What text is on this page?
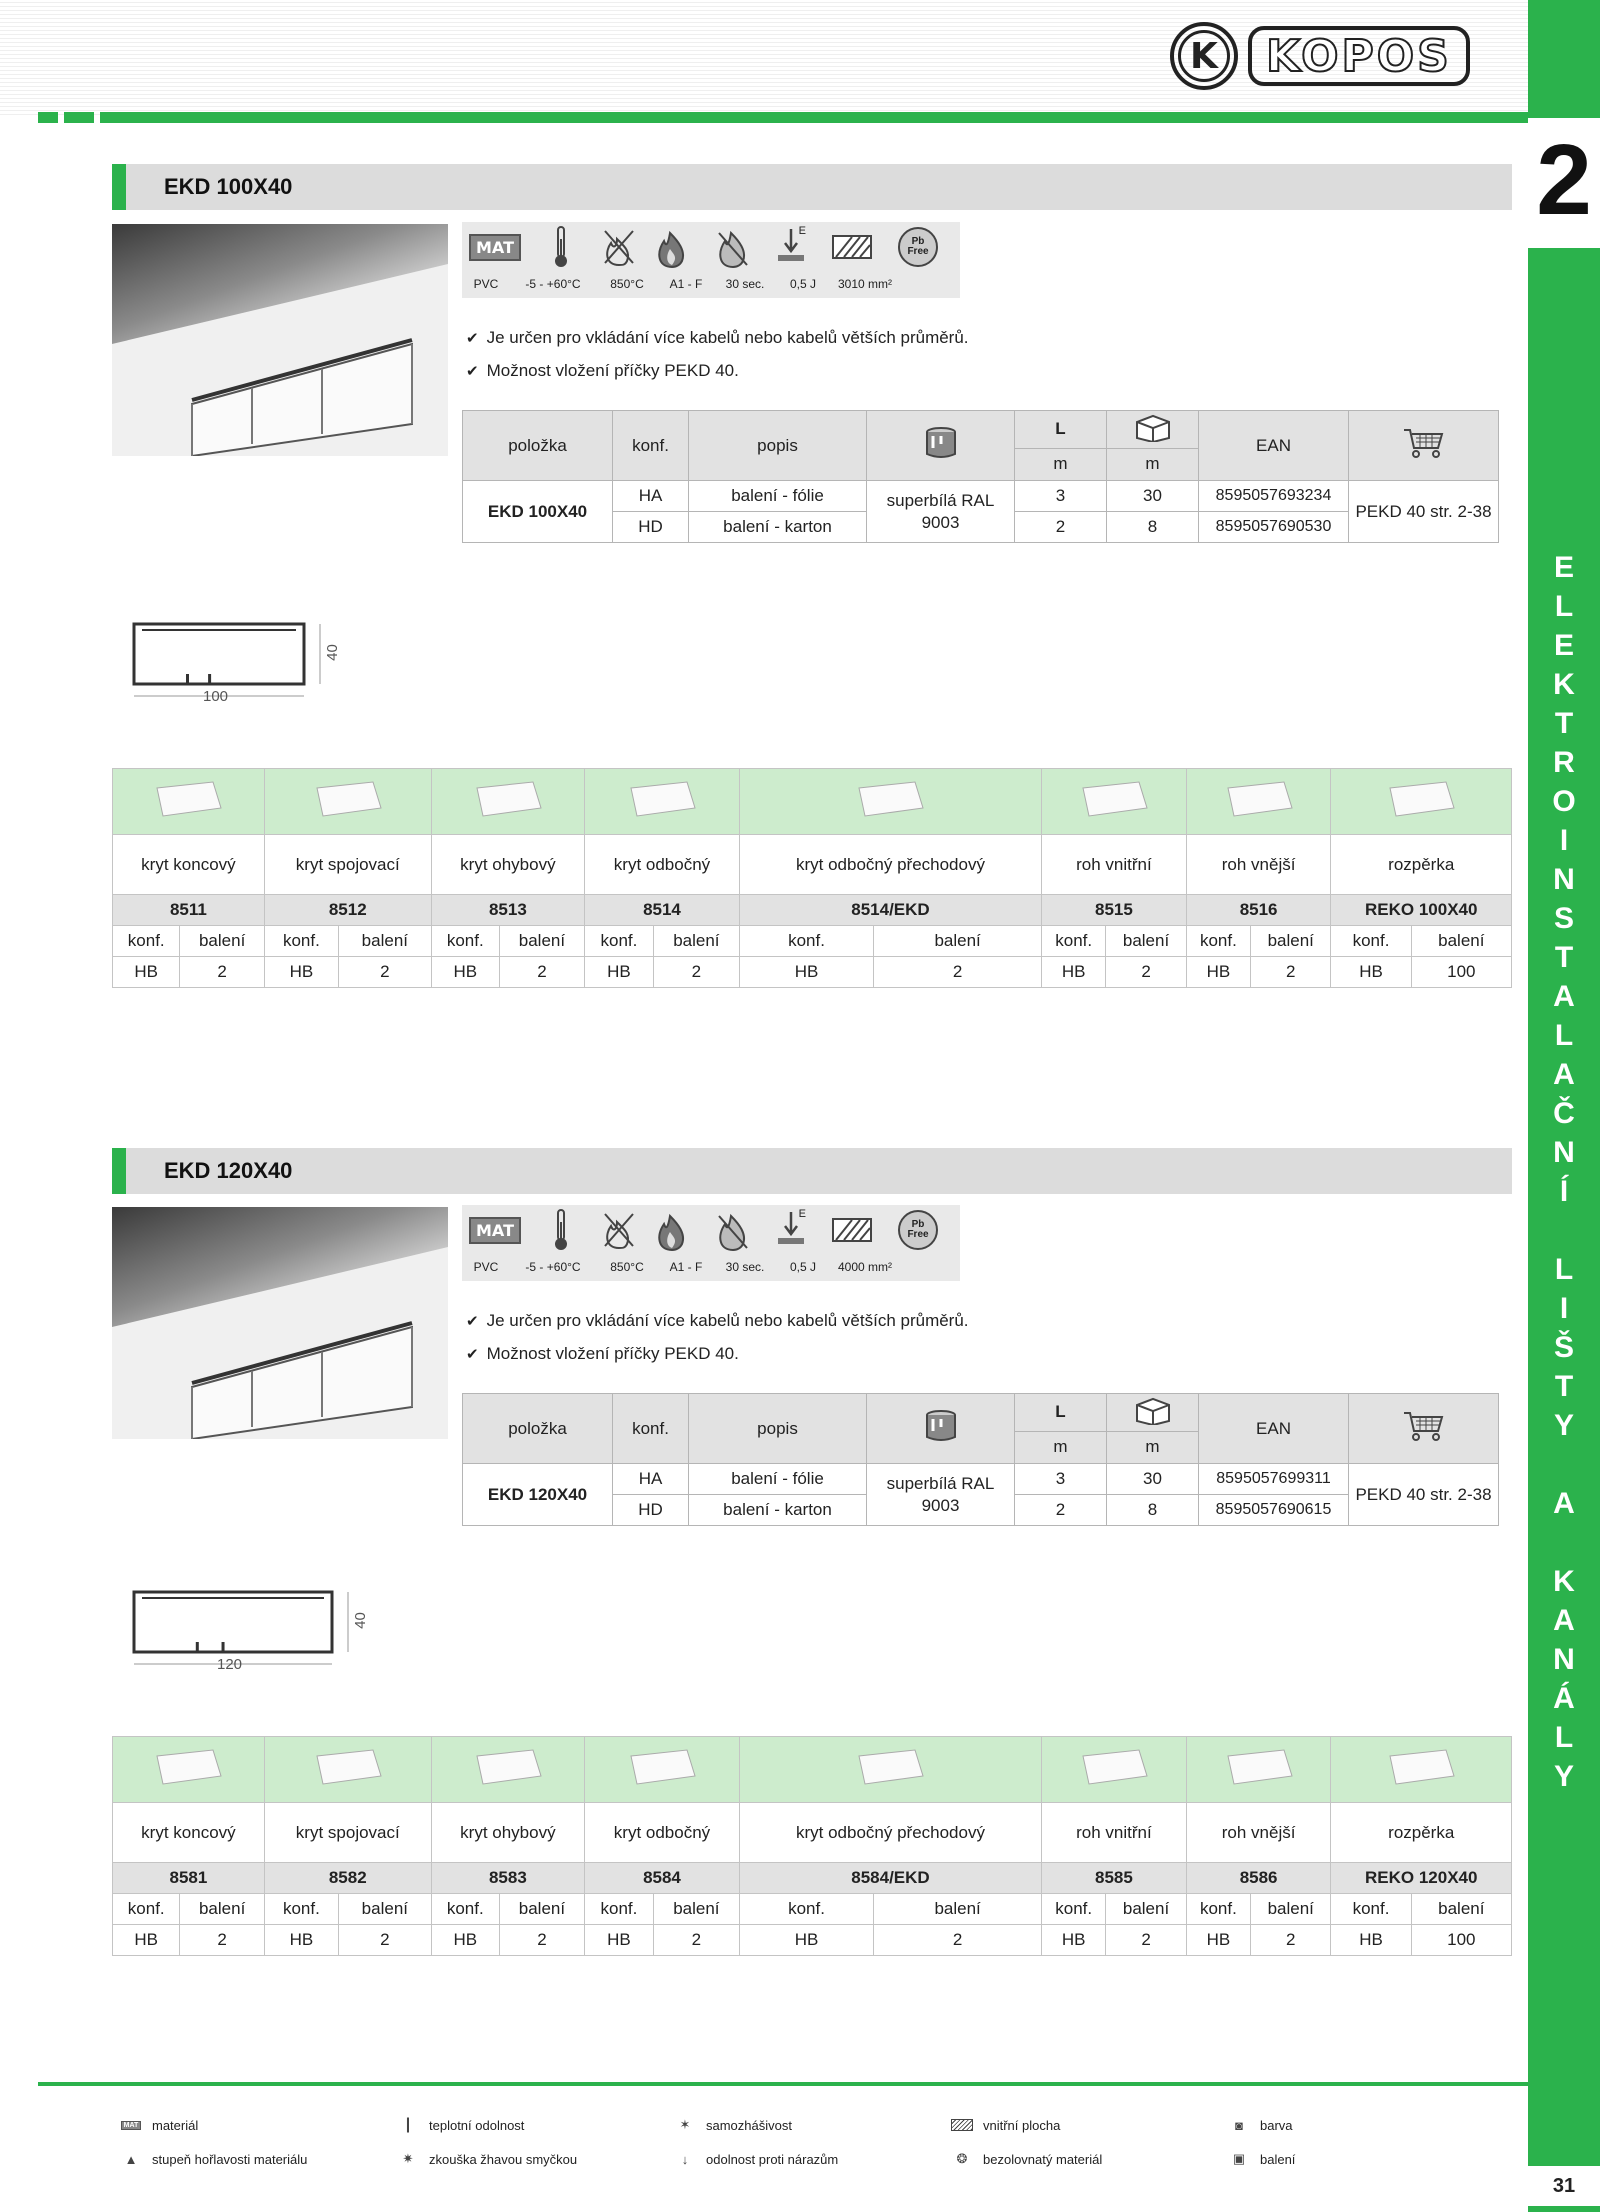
K KOPOS
2
E
L
E
K
T
R
O
I
N
S
T
A
L
A
Č
N
Í
L
I
Š
T
Y
A
K
A
N
Á
L
Y
31
EKD 100X40
MAT
E
Pb Free
PVC	-5 - +60°C	850°C	A1 - F	30 sec.	0,5 J	3010 mm²
✔ Je určen pro vkládání více kabelů nebo kabelů větších průměrů.
✔ Možnost vložení příčky PEKD 40.
položka	konf.	popis		L		EAN	
				m	m		
EKD 100X40	HA	balení - fólie	superbílá RAL 9003	3	30	8595057693234	PEKD 40 str. 2-38
	HD	balení - karton		2	8	8595057690530	
100
40

kryt koncový		kryt spojovací		kryt ohybový		kryt odbočný		kryt odbočný přechodový		roh vnitřní		roh vnější		rozpěrka	
8511		8512		8513		8514		8514/EKD		8515		8516		REKO 100X40	
konf.	balení	konf.	balení	konf.	balení	konf.	balení	konf.	balení	konf.	balení	konf.	balení	konf.	balení
HB	2	HB	2	HB	2	HB	2	HB	2	HB	2	HB	2	HB	100
EKD 120X40
MAT
E
Pb Free
PVC	-5 - +60°C	850°C	A1 - F	30 sec.	0,5 J	4000 mm²
✔ Je určen pro vkládání více kabelů nebo kabelů větších průměrů.
✔ Možnost vložení příčky PEKD 40.
položka	konf.	popis		L		EAN	
				m	m		
EKD 120X40	HA	balení - fólie	superbílá RAL 9003	3	30	8595057699311	PEKD 40 str. 2-38
	HD	balení - karton		2	8	8595057690615	
120
40

kryt koncový		kryt spojovací		kryt ohybový		kryt odbočný		kryt odbočný přechodový		roh vnitřní		roh vnější		rozpěrka	
8581		8582		8583		8584		8584/EKD		8585		8586		REKO 120X40	
konf.	balení	konf.	balení	konf.	balení	konf.	balení	konf.	balení	konf.	balení	konf.	balení	konf.	balení
HB	2	HB	2	HB	2	HB	2	HB	2	HB	2	HB	2	HB	100
MAT materiál	| teplotní odolnost	✶	samozhášivost	vnitřní plocha	◙	barva
▲	stupeň hořlavosti materiálu	✷	zkouška žhavou smyčkou	↓	odolnost proti nárazům	❂	bezolovnatý materiál	▣	balení
